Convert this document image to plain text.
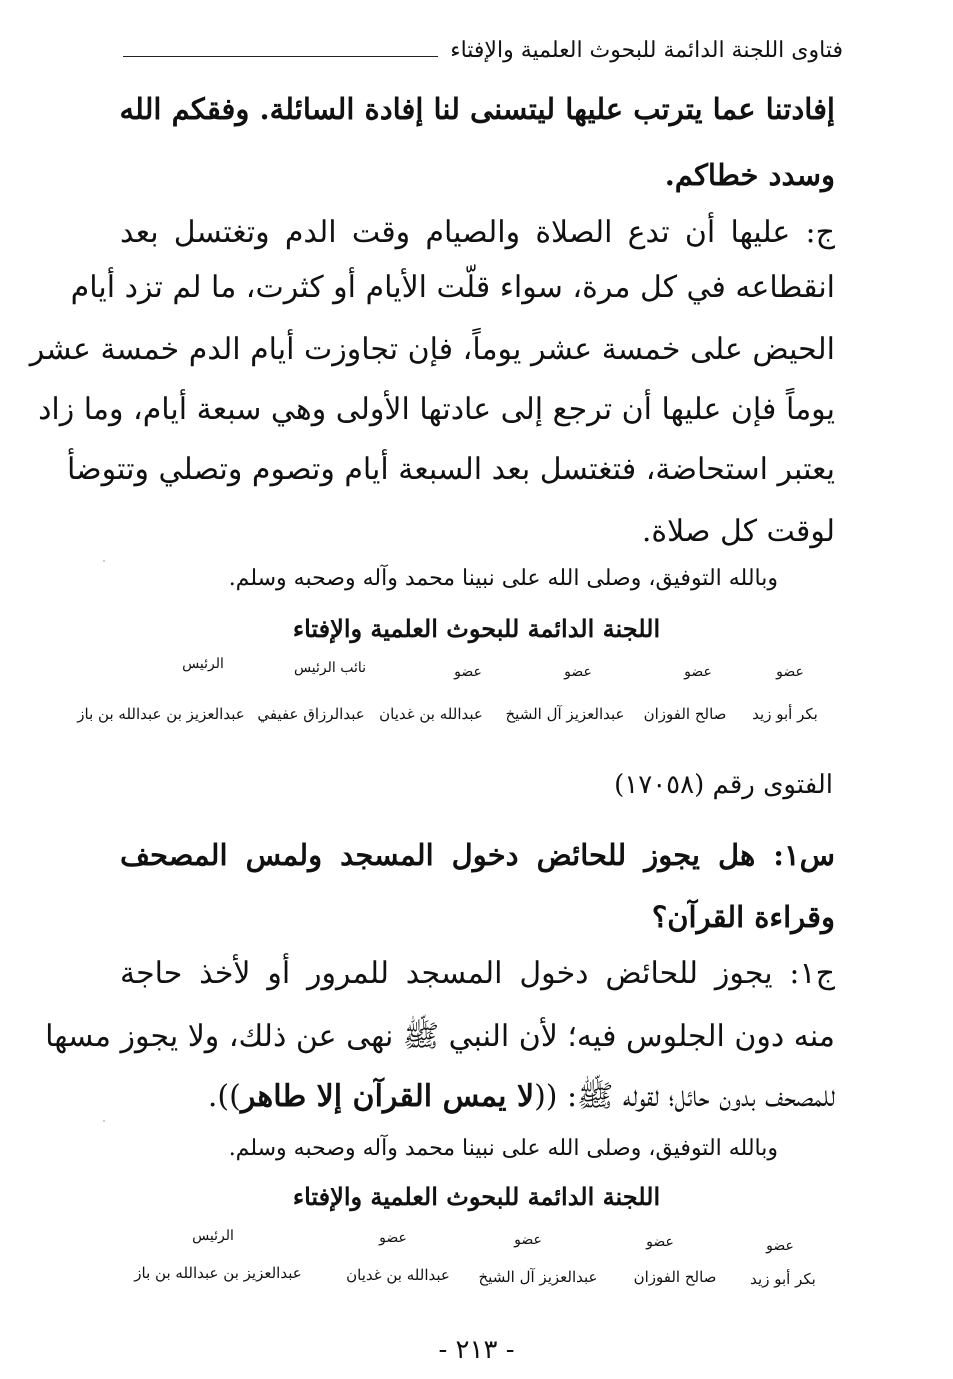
فتاوى اللجنة الدائمة للبحوث العلمية والإفتاء
إفادتنا عما يترتب عليها ليتسنى لنا إفادة السائلة. وفقكم الله
وسدد خطاكم.
ج: عليها أن تدع الصلاة والصيام وقت الدم وتغتسل بعد
انقطاعه في كل مرة، سواء قلّت الأيام أو كثرت، ما لم تزد أيام
الحيض على خمسة عشر يوماً، فإن تجاوزت أيام الدم خمسة عشر
يوماً فإن عليها أن ترجع إلى عادتها الأولى وهي سبعة أيام، وما زاد
يعتبر استحاضة، فتغتسل بعد السبعة أيام وتصوم وتصلي وتتوضأ
لوقت كل صلاة.
وبالله التوفيق، وصلى الله على نبينا محمد وآله وصحبه وسلم.
اللجنة الدائمة للبحوث العلمية والإفتاء
عضو
عضو
عضو
عضو
نائب الرئيس
الرئيس
بكر أبو زيد
صالح الفوزان
عبدالعزيز آل الشيخ
عبدالله بن غديان
عبدالرزاق عفيفي
عبدالعزيز بن عبدالله بن باز
الفتوى رقم (١٧٠٥٨)
س١: هل يجوز للحائض دخول المسجد ولمس المصحف
وقراءة القرآن؟
ج١: يجوز للحائض دخول المسجد للمرور أو لأخذ حاجة
منه دون الجلوس فيه؛ لأن النبي ﷺ نهى عن ذلك، ولا يجوز مسها
للمصحف بدون حائل؛ لقوله ﷺ: ((لا يمس القرآن إلا طاهر)).
وبالله التوفيق، وصلى الله على نبينا محمد وآله وصحبه وسلم.
اللجنة الدائمة للبحوث العلمية والإفتاء
عضو
عضو
عضو
عضو
الرئيس
بكر أبو زيد
صالح الفوزان
عبدالعزيز آل الشيخ
عبدالله بن غديان
عبدالعزيز بن عبدالله بن باز
- ٢١٣ -
